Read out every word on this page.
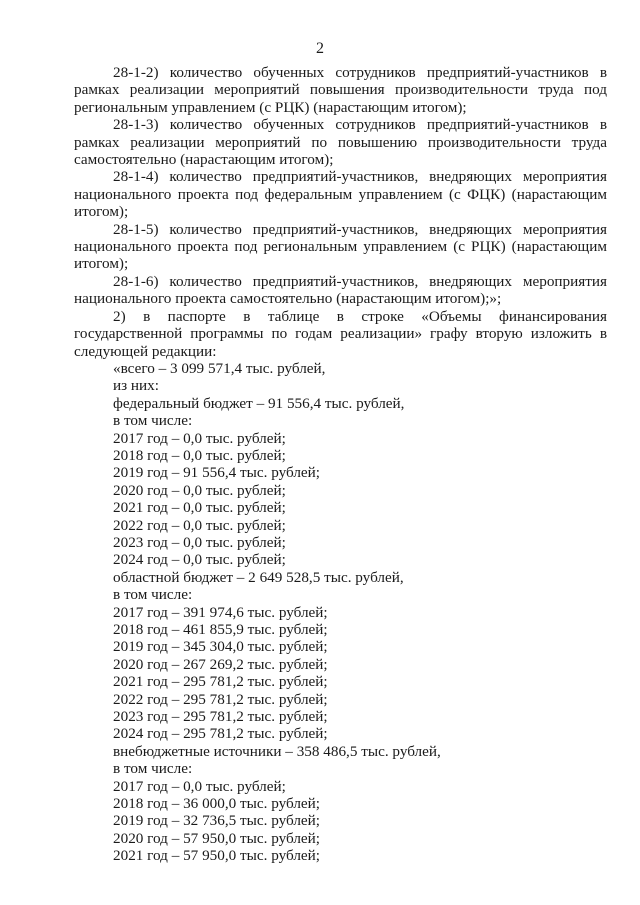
2

28-1-2) количество обученных сотрудников предприятий-участников в рамках реализации мероприятий повышения производительности труда под региональным управлением (с РЦК) (нарастающим итогом);

28-1-3) количество обученных сотрудников предприятий-участников в рамках реализации мероприятий по повышению производительности труда самостоятельно (нарастающим итогом);

28-1-4) количество предприятий-участников, внедряющих мероприятия национального проекта под федеральным управлением (с ФЦК) (нарастающим итогом);

28-1-5) количество предприятий-участников, внедряющих мероприятия национального проекта под региональным управлением (с РЦК) (нарастающим итогом);

28-1-6) количество предприятий-участников, внедряющих мероприятия национального проекта самостоятельно (нарастающим итогом);»;

2) в паспорте в таблице в строке «Объемы финансирования государственной программы по годам реализации» графу вторую изложить в следующей редакции:

«всего – 3 099 571,4 тыс. рублей,

из них:

федеральный бюджет – 91 556,4 тыс. рублей,

в том числе:

2017 год – 0,0 тыс. рублей;

2018 год – 0,0 тыс. рублей;

2019 год – 91 556,4 тыс. рублей;

2020 год – 0,0 тыс. рублей;

2021 год – 0,0 тыс. рублей;

2022 год – 0,0 тыс. рублей;

2023 год – 0,0 тыс. рублей;

2024 год – 0,0 тыс. рублей;

областной бюджет – 2 649 528,5 тыс. рублей,

в том числе:

2017 год – 391 974,6 тыс. рублей;

2018 год – 461 855,9 тыс. рублей;

2019 год – 345 304,0 тыс. рублей;

2020 год – 267 269,2 тыс. рублей;

2021 год – 295 781,2 тыс. рублей;

2022 год – 295 781,2 тыс. рублей;

2023 год – 295 781,2 тыс. рублей;

2024 год – 295 781,2 тыс. рублей;

внебюджетные источники – 358 486,5 тыс. рублей,

в том числе:

2017 год – 0,0 тыс. рублей;

2018 год – 36 000,0 тыс. рублей;

2019 год – 32 736,5 тыс. рублей;

2020 год – 57 950,0 тыс. рублей;

2021 год – 57 950,0 тыс. рублей;
